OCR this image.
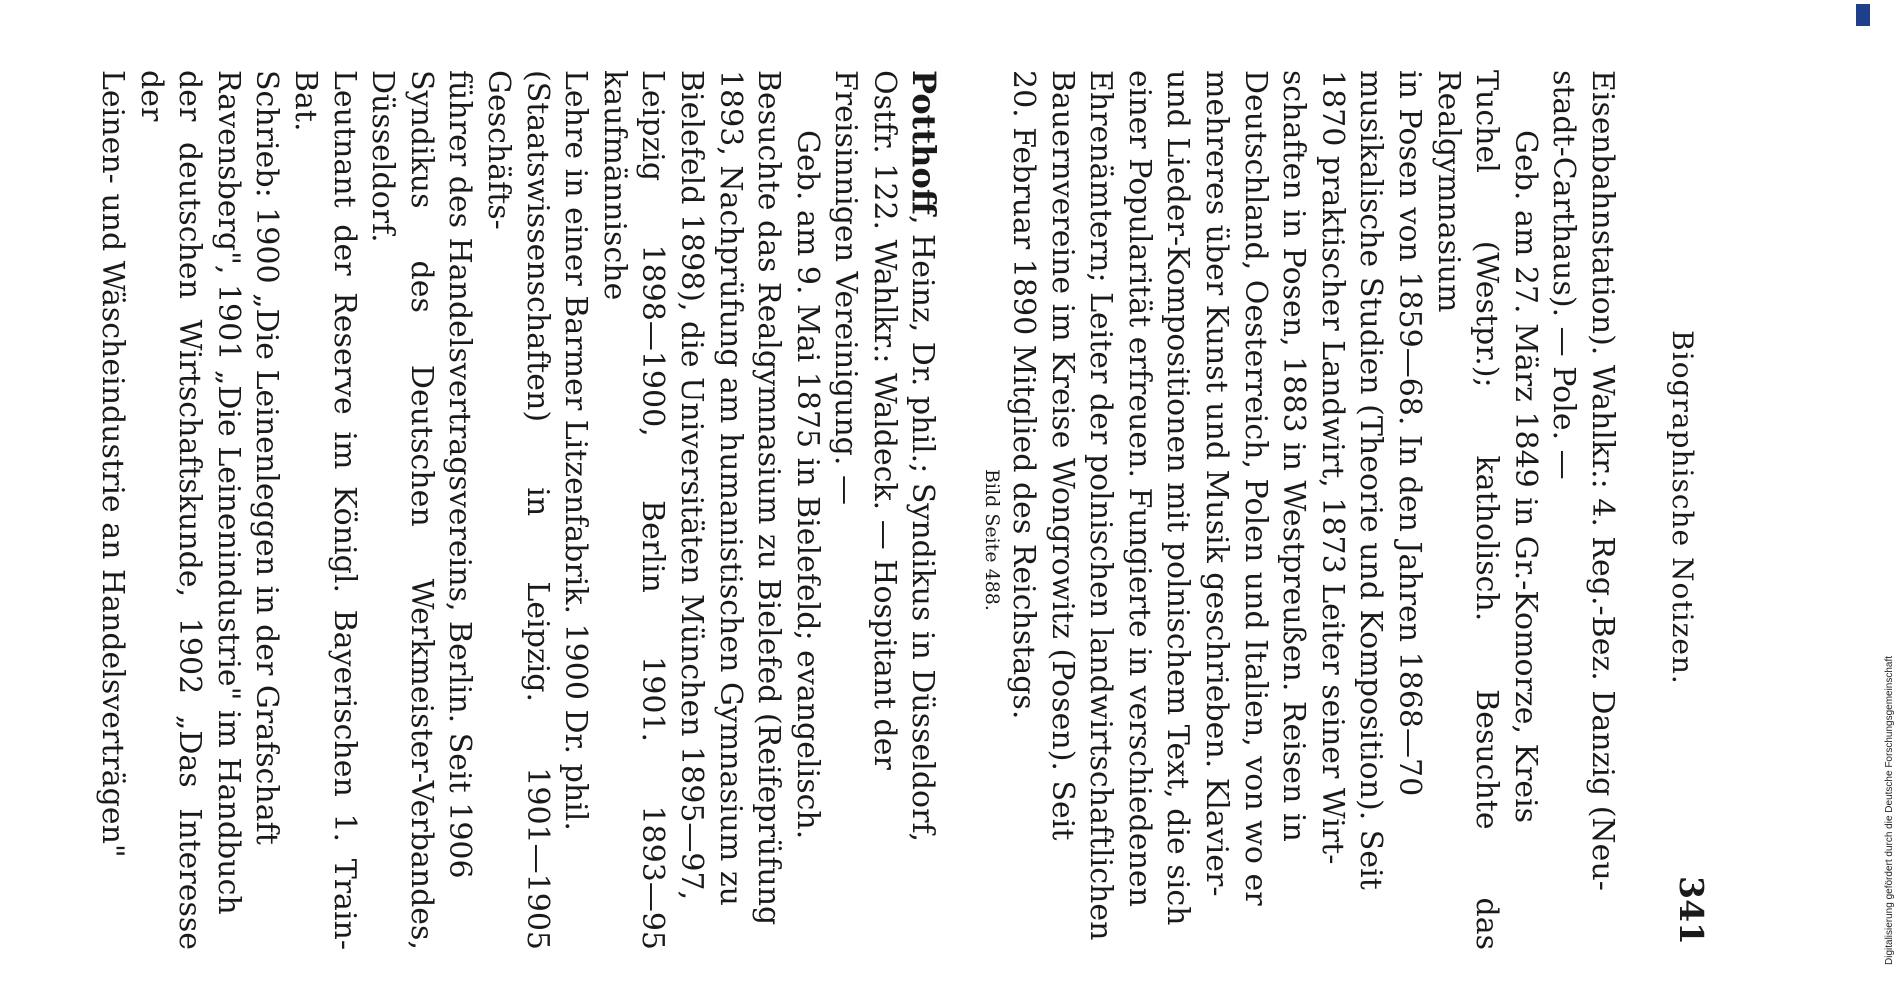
Biographische Notizen.
341

Eisenbahnstation). Wahlkr.: 4. Reg.-Bez. Danzig (Neu-

stadt-Carthaus). — Pole. —

Geb. am 27. März 1849 in Gr.-Komorze, Kreis

Tuchel (Westpr.); katholisch. Besuchte das Realgymnasium

in Posen von 1859—68. In den Jahren 1868—70

musikalische Studien (Theorie und Komposition). Seit

1870 praktischer Landwirt, 1873 Leiter seiner Wirt-

schaften in Posen, 1883 in Westpreußen. Reisen in

Deutschland, Oesterreich, Polen und Italien, von wo er

mehreres über Kunst und Musik geschrieben. Klavier-

und Lieder-Kompositionen mit polnischem Text, die sich

einer Popularität erfreuen. Fungierte in verschiedenen

Ehrenämtern; Leiter der polnischen landwirtschaftlichen

Bauernvereine im Kreise Wongrowitz (Posen). Seit

20. Februar 1890 Mitglied des Reichstags.

Bild Seite 488.

Potthoff, Heinz, Dr. phil.; Syndikus in Düsseldorf,

Ostfr. 122. Wahlkr.: Waldeck. — Hospitant der

Freisinnigen Vereinigung. —

Geb. am 9. Mai 1875 in Bielefeld; evangelisch.

Besuchte das Realgymnasium zu Bielefed (Reifeprüfung

1893, Nachprüfung am humanistischen Gymnasium zu

Bielefeld 1898), die Universitäten München 1895—97,

Leipzig 1898—1900, Berlin 1901. 1893—95 kaufmännische

Lehre in einer Barmer Litzenfabrik. 1900 Dr. phil.

(Staatswissenschaften) in Leipzig. 1901—1905 Geschäfts-

führer des Handelsvertragsvereins, Berlin. Seit 1906

Syndikus des Deutschen Werkmeister-Verbandes, Düsseldorf.

Leutnant der Reserve im Königl. Bayerischen 1. Train-Bat.

Schrieb: 1900 „Die Leinenleggen in der Grafschaft

Ravensberg", 1901 „Die Leinenindustrie" im Handbuch

der deutschen Wirtschaftskunde, 1902 „Das Interesse der

Leinen- und Wäscheindustrie an Handelsverträgen"	Digitalisierung gefördert durch die Deutsche Forschungsgemeinschaft
